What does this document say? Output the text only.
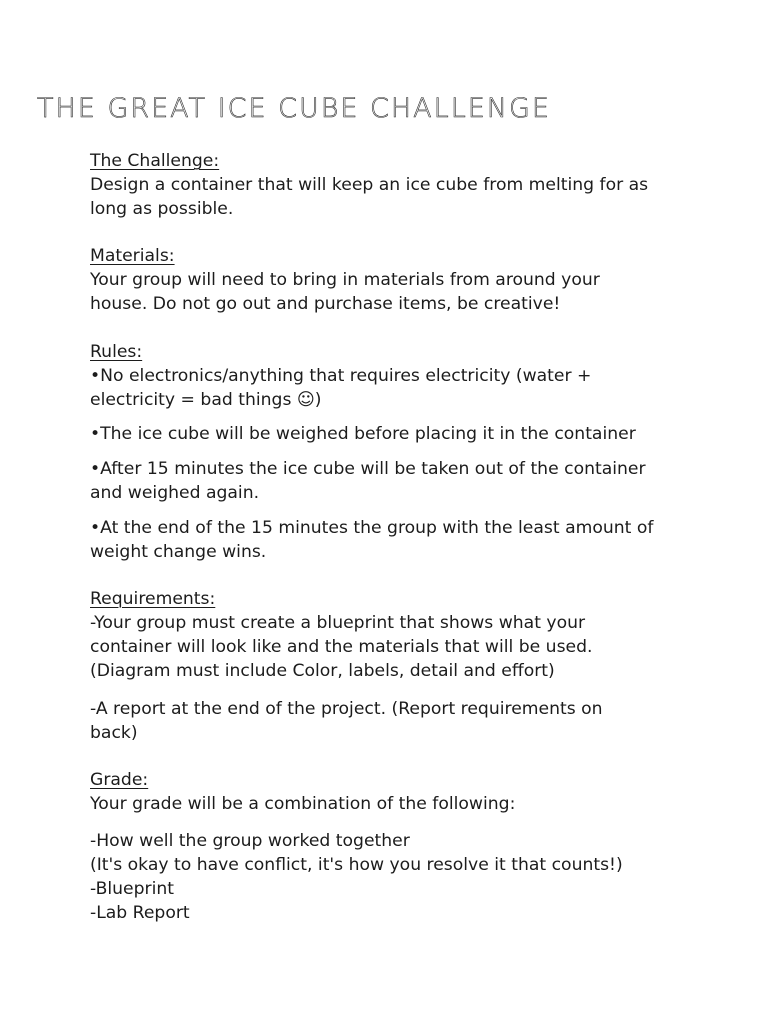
THE GREAT ICE CUBE CHALLENGE
The Challenge:
Design a container that will keep an ice cube from melting for as
long as possible.
Materials:
Your group will need to bring in materials from around your
house. Do not go out and purchase items, be creative!
Rules:
•No electronics/anything that requires electricity (water +
electricity = bad things ☺)
•The ice cube will be weighed before placing it in the container
•After 15 minutes the ice cube will be taken out of the container
and weighed again.
•At the end of the 15 minutes the group with the least amount of
weight change wins.
Requirements:
-Your group must create a blueprint that shows what your
container will look like and the materials that will be used.
(Diagram must include Color, labels, detail and effort)
-A report at the end of the project. (Report requirements on
back)
Grade:
Your grade will be a combination of the following:
-How well the group worked together
(It's okay to have conflict, it's how you resolve it that counts!)
-Blueprint
-Lab Report
